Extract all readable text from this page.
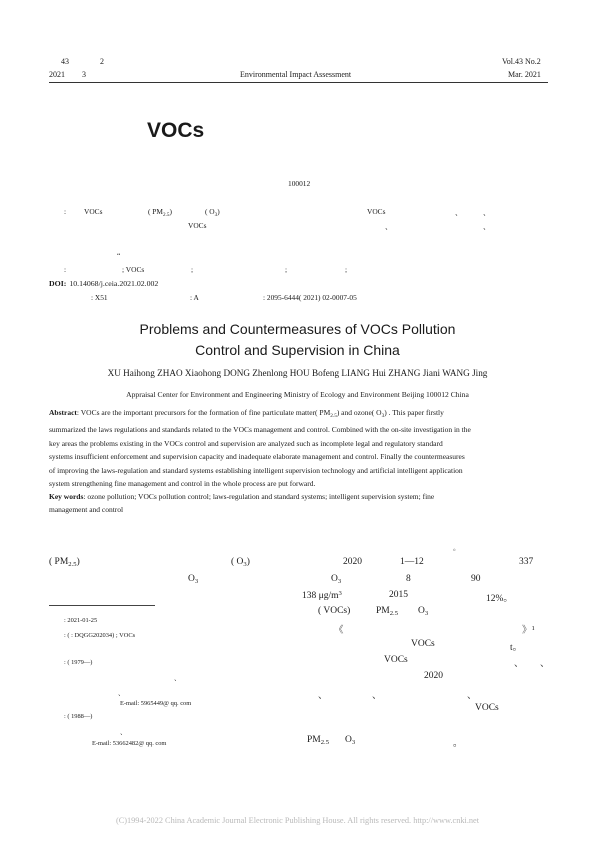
43	2
2021 3	Environmental Impact Assessment
Vol.43 No.2
Mar. 2021
VOCs
100012
: VOCs	( $PM_{2.5}$)	( $O_3$)	VOCs	、	、
VOCs	、	、
“
:	; VOCs	;	;	;
DOI: 10.14068/j.ceia.2021.02.002
: X51	: A	: 2095-6444( 2021) 02-0007-05
Problems and Countermeasures of VOCs Pollution
Control and Supervision in China
XU Haihong ZHAO Xiaohong DONG Zhenlong HOU Bofeng LIANG Hui ZHANG Jiani WANG Jing
Appraisal Center for Environment and Engineering Ministry of Ecology and Environment Beijing 100012 China
Abstract: VOCs are the important precursors for the formation of fine particulate matter( $PM_{2.5}$) and ozone( $O_3$) . This paper firstly
summarized the laws regulations and standards related to the VOCs management and control. Combined with the on-site investigation in the
key areas the problems existing in the VOCs control and supervision are analyzed such as incomplete legal and regulatory standard
systems insufficient enforcement and supervision capacity and inadequate elaborate management and control. Finally the countermeasures
of improving the laws-regulation and standard systems establishing intelligent supervision technology and artificial intelligent application
system strengthening fine management and control in the whole process are put forward.
Key words: ozone pollution; VOCs pollution control; laws-regulation and standard systems; intelligent supervision system; fine
management and control
。
( $PM_{2.5}$)	( $O_3$)
$O_3$
2020	1—12	337
$O_3$	8	90
138 $\mu g/m^3$	2015	12%。
( VOCs)	$PM_{2.5}$ $O_3$
《	》$^1$
VOCs	t。
VOCs	、 、
2020
、	、	、
VOCs
$PM_{2.5}$ $O_3$	。
: 2021-01-25
: ( : DQGG202034) ; VOCs
: ( 1979—)
、
、
E-mail: 5965449@ qq. com
: ( 1988—)
、
E-mail: 53662482@ qq. com
(C)1994-2022 China Academic Journal Electronic Publishing House. All rights reserved. http://www.cnki.net
